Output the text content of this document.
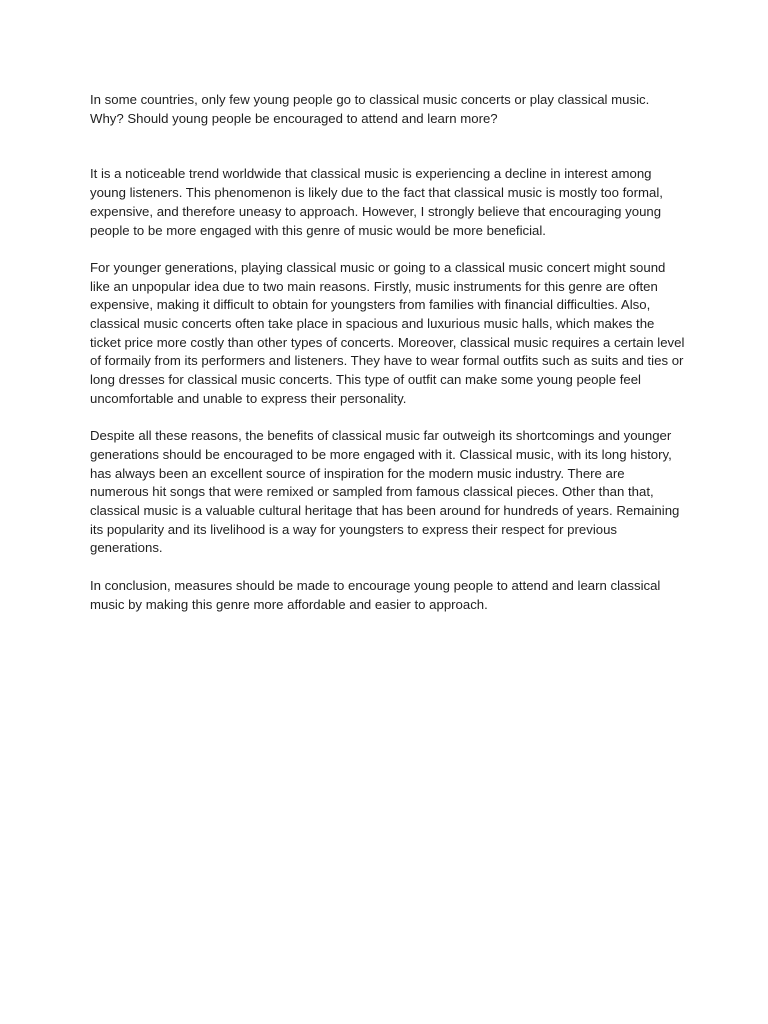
In some countries, only few young people go to classical music concerts or play classical music. Why? Should young people be encouraged to attend and learn more?

It is a noticeable trend worldwide that classical music is experiencing a decline in interest among young listeners. This phenomenon is likely due to the fact that classical music is mostly too formal, expensive, and therefore uneasy to approach. However, I strongly believe that encouraging young people to be more engaged with this genre of music would be more beneficial.

For younger generations, playing classical music or going to a classical music concert might sound like an unpopular idea due to two main reasons. Firstly, music instruments for this genre are often expensive, making it difficult to obtain for youngsters from families with financial difficulties. Also, classical music concerts often take place in spacious and luxurious music halls, which makes the ticket price more costly than other types of concerts. Moreover, classical music requires a certain level of formaily from its performers and listeners. They have to wear formal outfits such as suits and ties or long dresses for classical music concerts. This type of outfit can make some young people feel uncomfortable and unable to express their personality.

Despite all these reasons, the benefits of classical music far outweigh its shortcomings and younger generations should be encouraged to be more engaged with it. Classical music, with its long history, has always been an excellent source of inspiration for the modern music industry. There are numerous hit songs that were remixed or sampled from famous classical pieces. Other than that, classical music is a valuable cultural heritage that has been around for hundreds of years. Remaining its popularity and its livelihood is a way for youngsters to express their respect for previous generations.

In conclusion, measures should be made to encourage young people to attend and learn classical music by making this genre more affordable and easier to approach.
